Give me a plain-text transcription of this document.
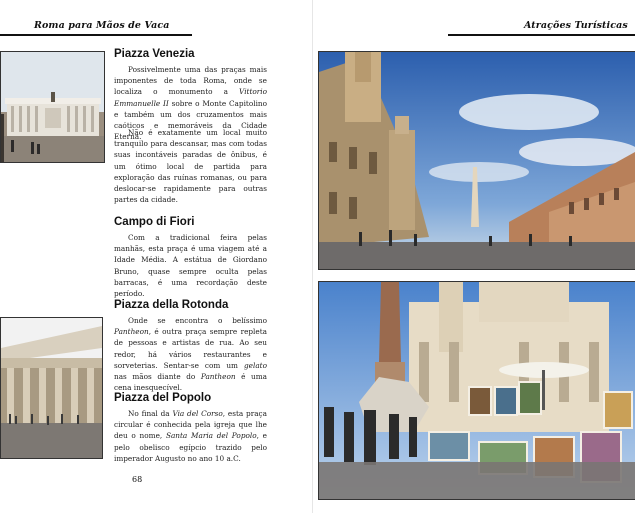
Roma para Mãos de Vaca	Atrações Turísticas
Piazza Venezia

Possivelmente uma das praças mais imponentes de toda Roma, onde se localiza o monumento a Vittorio Emmanuelle II sobre o Monte Capitolino e também um dos cruzamentos mais caóticos e memoráveis da Cidade Eterna.

Não é exatamente um local muito tranquilo para descansar, mas com todas suas incontáveis paradas de ônibus, é um ótimo local de partida para exploração das ruínas romanas, ou para deslocar-se rapidamente para outras partes da cidade.

Campo di Fiori

Com a tradicional feira pelas manhãs, esta praça é uma viagem até a Idade Média. A estátua de Giordano Bruno, quase sempre oculta pelas barracas, é uma recordação deste período.

Piazza della Rotonda

Onde se encontra o belíssimo Pantheon, é outra praça sempre repleta de pessoas e artistas de rua. Ao seu redor, há vários restaurantes e sorveterias. Sentar-se com um gelato nas mãos diante do Pantheon é uma cena inesquecível.

Piazza del Popolo

No final da Via del Corso, esta praça circular é conhecida pela igreja que lhe deu o nome, Santa Maria del Popolo, e pelo obelisco egípcio trazido pelo imperador Augusto no ano 10 a.C.

68
